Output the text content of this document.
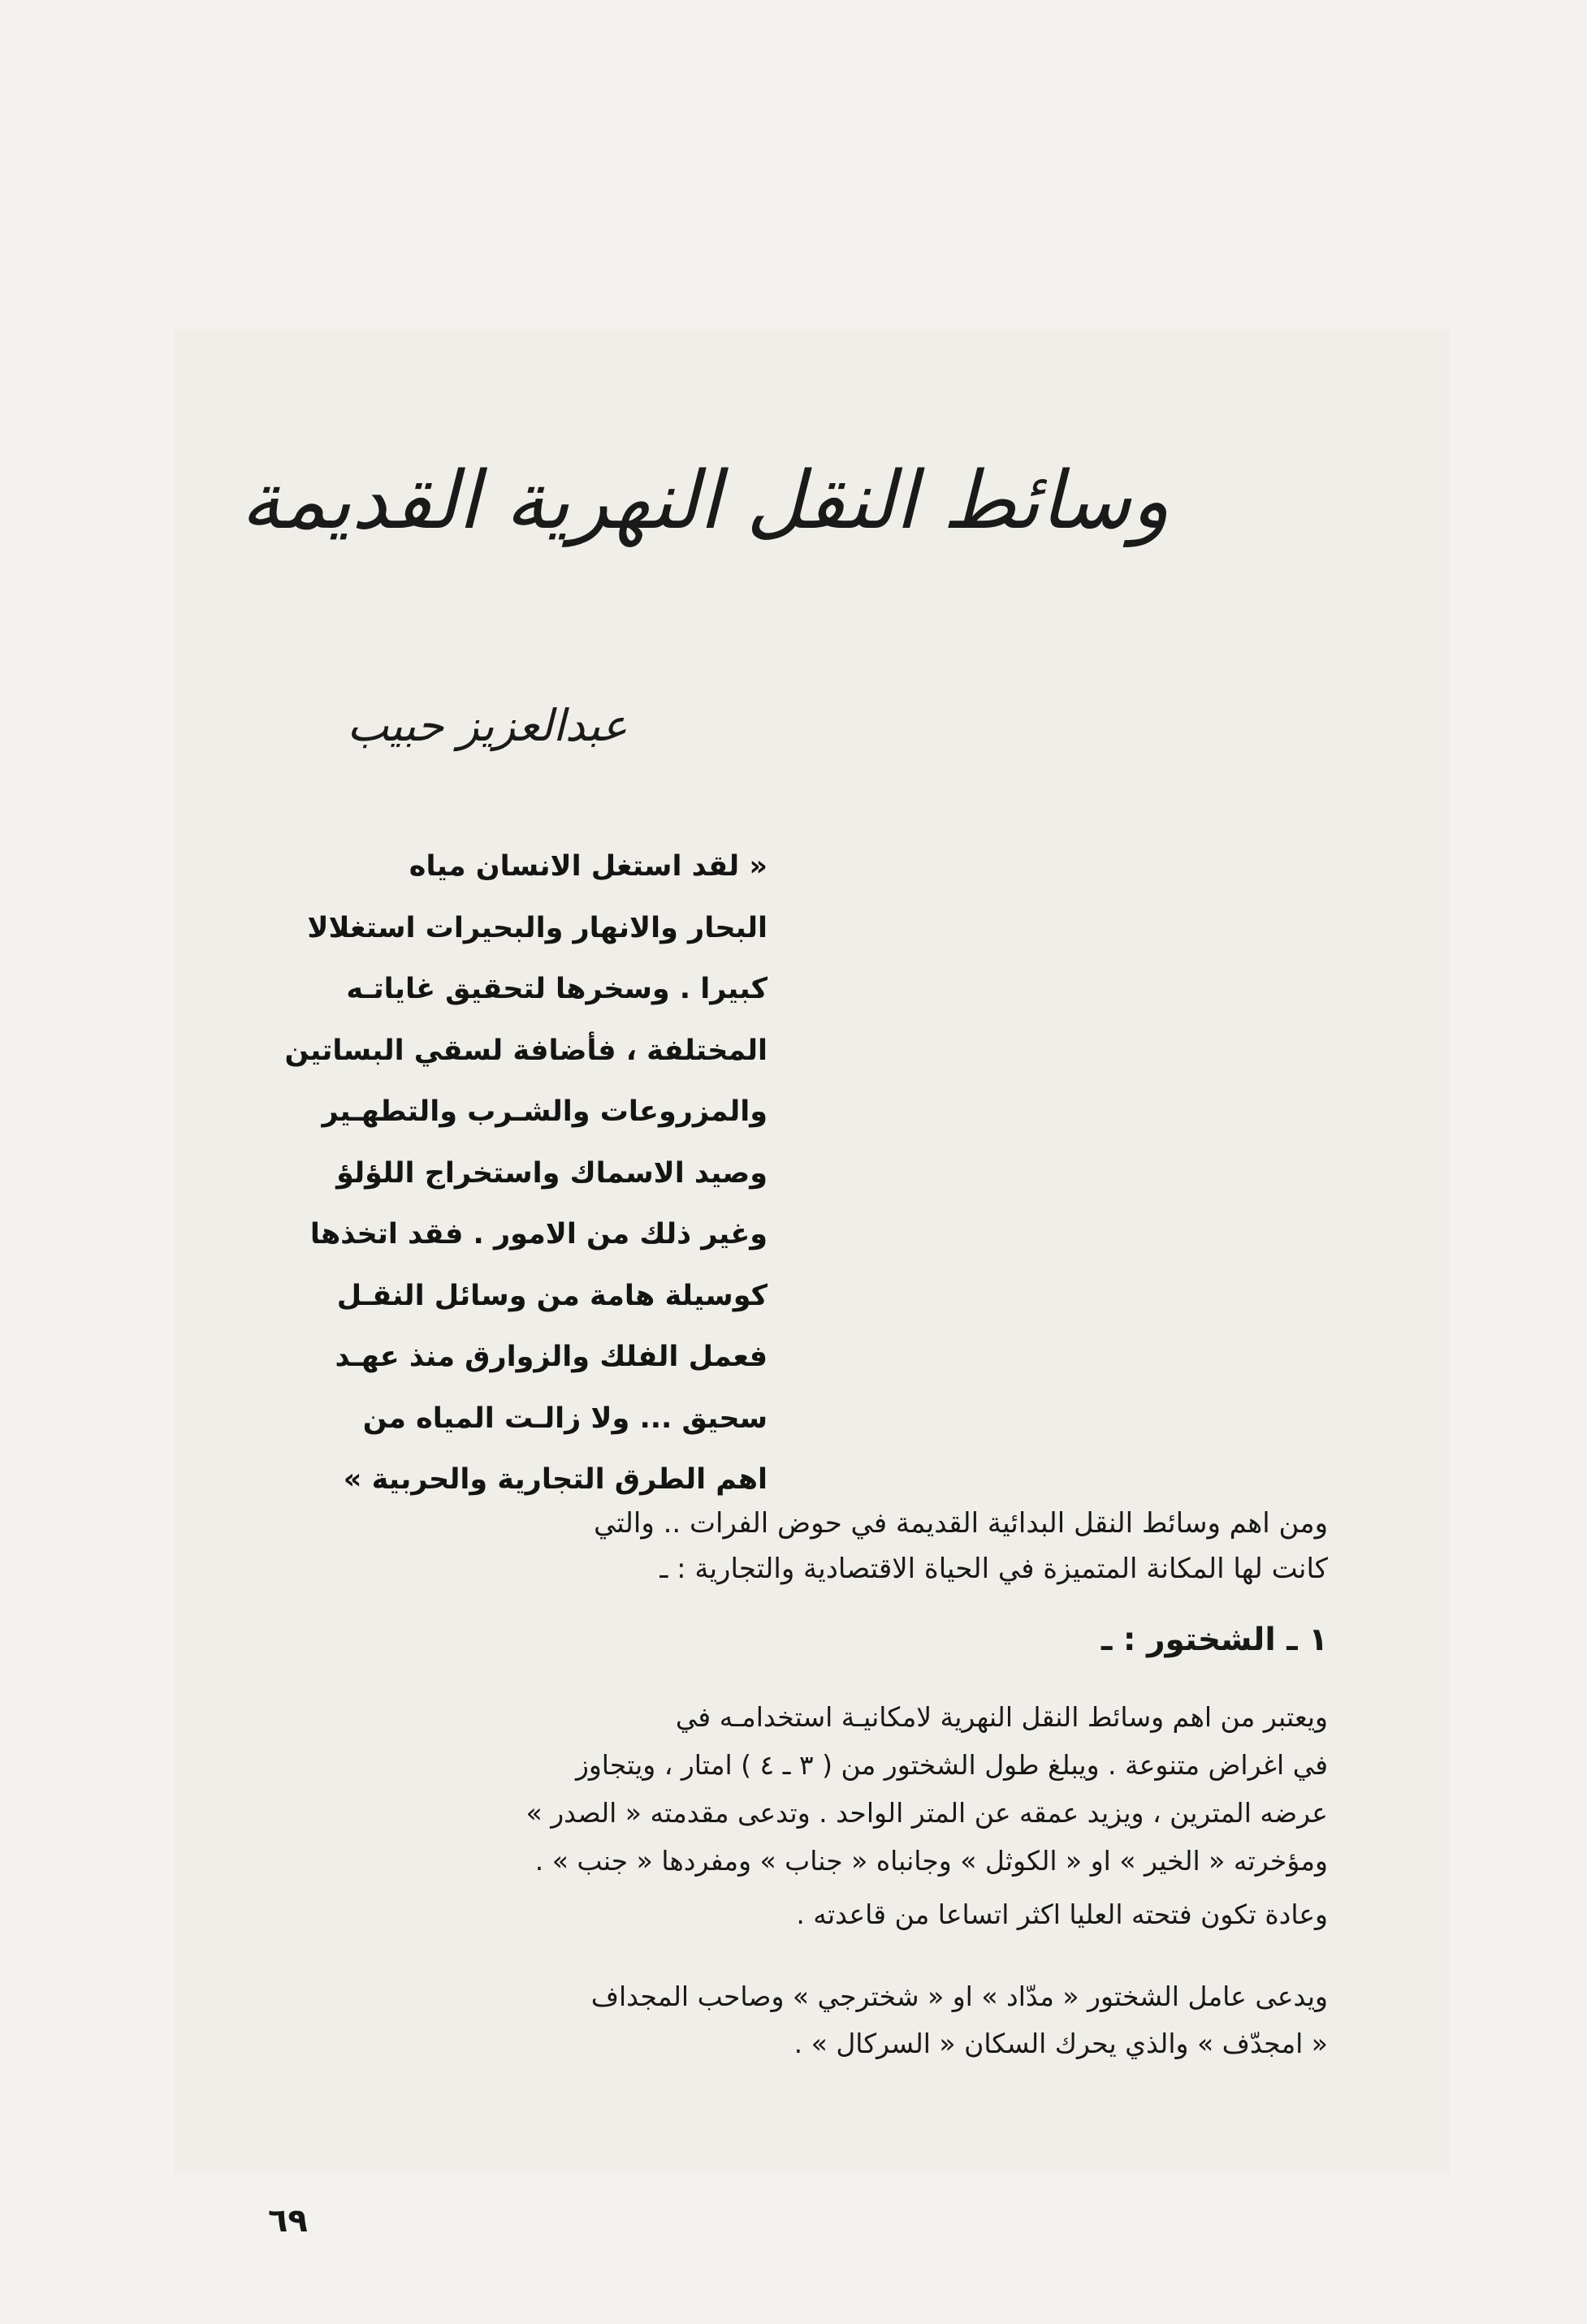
وسائط النقل النهرية القديمة
عبدالعزيز حبيب
« لقد استغل الانسان مياه
البحار والانهار والبحيرات استغلالا
كبيرا . وسخرها لتحقيق غاياتـه
المختلفة ، فأضافة لسقي البساتين
والمزروعات والشـرب والتطهـير
وصيد الاسماك واستخراج اللؤلؤ
وغير ذلك من الامور . فقد اتخذها
كوسيلة هامة من وسائل النقـل
فعمل الفلك والزوارق منذ عهـد
سحيق ... ولا زالـت المياه من
اهم الطرق التجارية والحربية »
ومن اهم وسائط النقل البدائية القديمة في حوض الفرات .. والتي
كانت لها المكانة المتميزة في الحياة الاقتصادية والتجارية : ـ
١ ـ الشختور : ـ
ويعتبر من اهم وسائط النقل النهرية لامكانيـة استخدامـه في
في اغراض متنوعة . ويبلغ طول الشختور من ( ٣ ـ ٤ ) امتار ، ويتجاوز
عرضه المترين ، ويزيد عمقه عن المتر الواحد . وتدعى مقدمته « الصدر »
ومؤخرته « الخير » او « الكوثل » وجانباه « جناب » ومفردها « جنب » .
وعادة تكون فتحته العليا اكثر اتساعا من قاعدته .
ويدعى عامل الشختور « مدّاد » او « شخترجي » وصاحب المجداف
« امجدّف » والذي يحرك السكان « السركال » .
٦٩
